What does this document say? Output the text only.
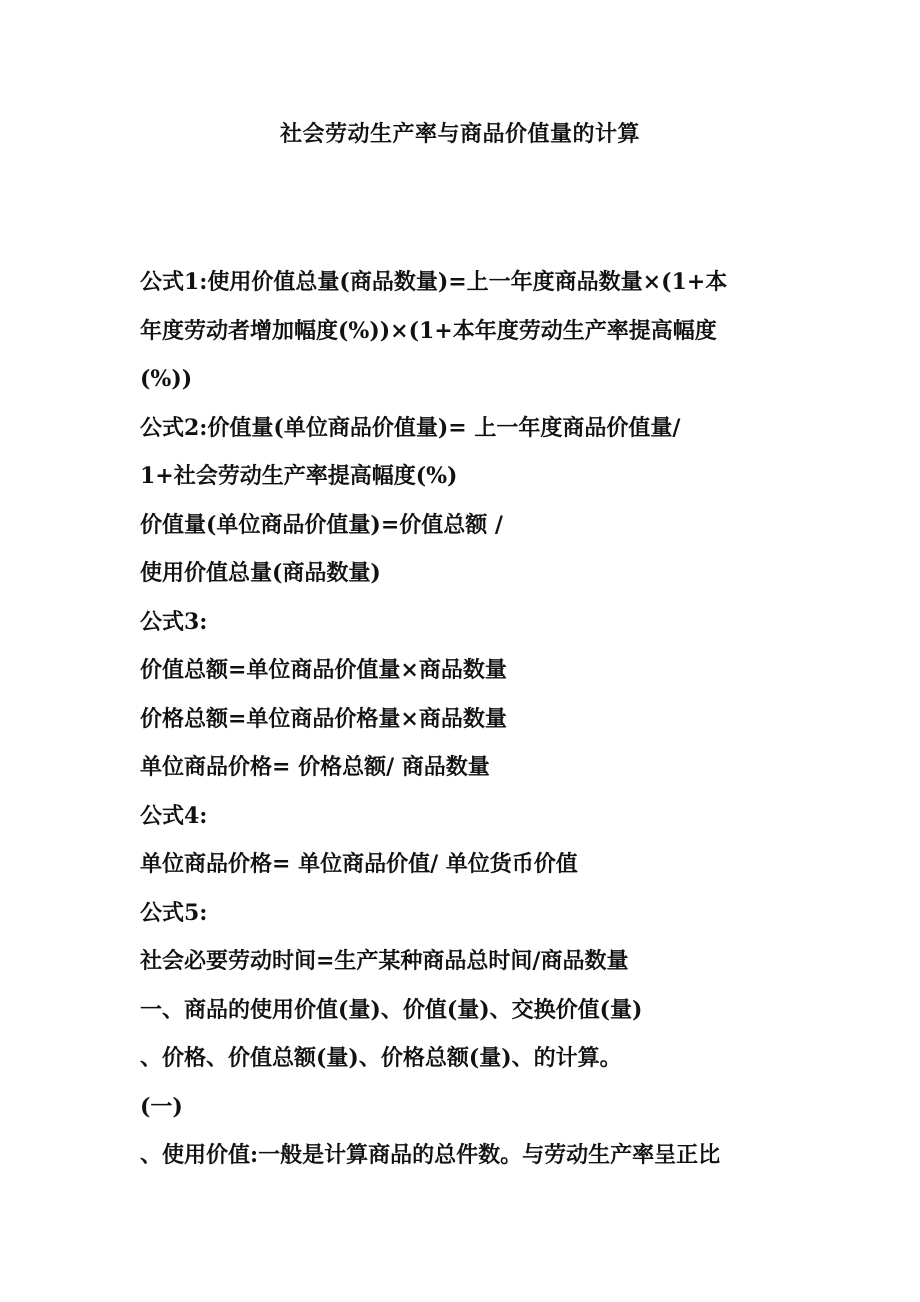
社会劳动生产率与商品价值量的计算
公式1:使用价值总量(商品数量)=上一年度商品数量×(1+本
年度劳动者增加幅度(%))×(1+本年度劳动生产率提高幅度
(%))
公式2:价值量(单位商品价值量)= 上一年度商品价值量/
1+社会劳动生产率提高幅度(%)
价值量(单位商品价值量)=价值总额 /
使用价值总量(商品数量)
公式3:
价值总额=单位商品价值量×商品数量
价格总额=单位商品价格量×商品数量
单位商品价格= 价格总额/ 商品数量
公式4:
单位商品价格= 单位商品价值/ 单位货币价值
公式5:
社会必要劳动时间=生产某种商品总时间/商品数量
一、商品的使用价值(量)、价值(量)、交换价值(量)
、价格、价值总额(量)、价格总额(量)、的计算。
(一)
、使用价值:一般是计算商品的总件数。与劳动生产率呈正比
